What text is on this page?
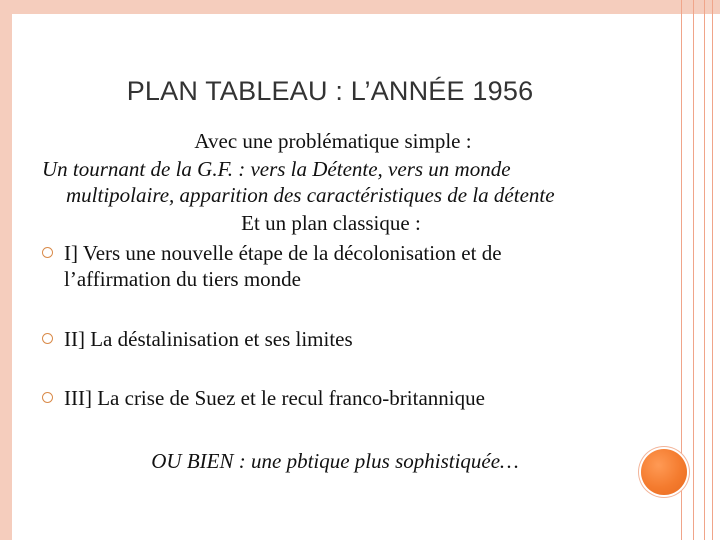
PLAN TABLEAU : L’ANNÉE 1956
Avec une problématique simple :
Un tournant de la G.F. : vers la Détente, vers un monde
multipolaire, apparition des caractéristiques de la détente
Et un plan classique :
I] Vers une nouvelle étape de la décolonisation et de
l’affirmation du tiers monde
II] La déstalinisation et ses limites
III] La crise de Suez et le recul franco-britannique
OU BIEN : une pbtique plus sophistiquée…
